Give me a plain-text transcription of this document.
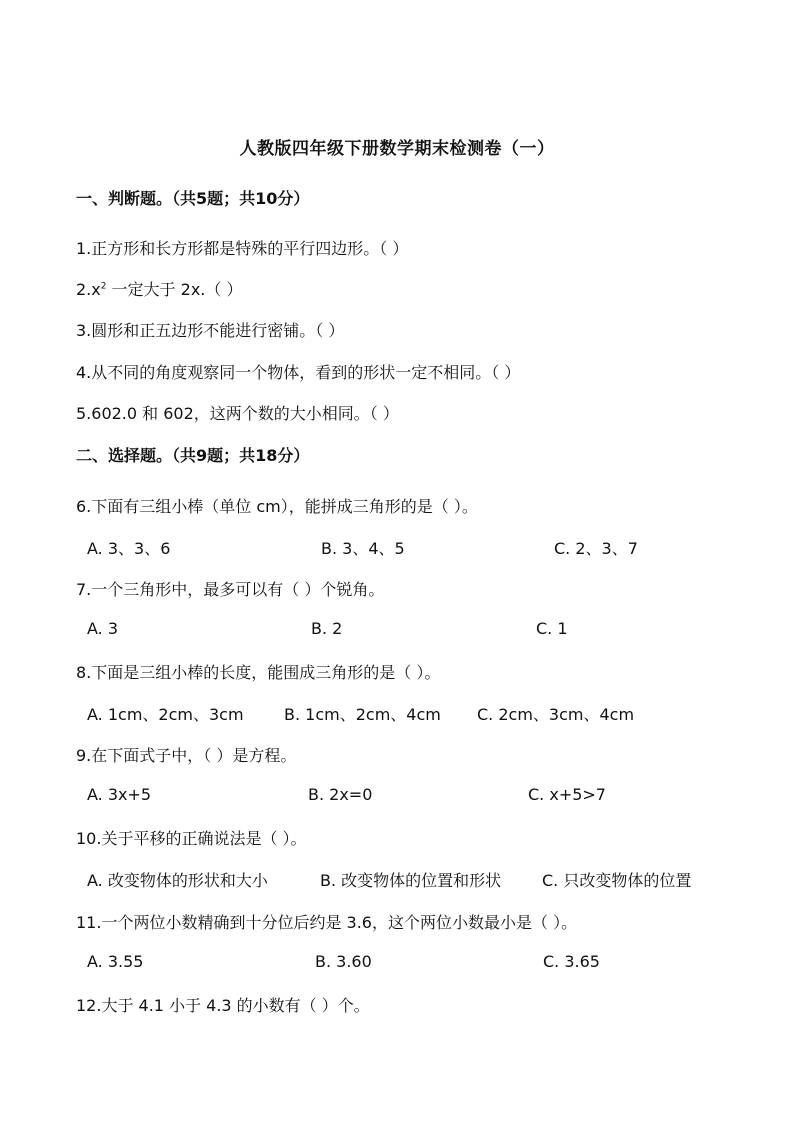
人教版四年级下册数学期末检测卷（一）
一、判断题。（共5题；共10分）
1.正方形和长方形都是特殊的平行四边形。（ ）
$2.x^2$ 一定大于 2x.（ ）
3.圆形和正五边形不能进行密铺。（ ）
4.从不同的角度观察同一个物体，看到的形状一定不相同。（ ）
5.602.0 和 602，这两个数的大小相同。（ ）
二、选择题。（共9题；共18分）
6.下面有三组小棒（单位 cm），能拼成三角形的是（ ）。
A. 3、3、6	B. 3、4、5	C. 2、3、7
7.一个三角形中，最多可以有（ ）个锐角。
A. 3	B. 2	C. 1
8.下面是三组小棒的长度，能围成三角形的是（ ）。
A. 1cm、2cm、3cm	B. 1cm、2cm、4cm C. 2cm、3cm、4cm
9.在下面式子中，（ ）是方程。
A. 3x+5	B. 2x=0	C. x+5>7
10.关于平移的正确说法是（ ）。
A. 改变物体的形状和大小	B. 改变物体的位置和形状	C. 只改变物体的位置
11.一个两位小数精确到十分位后约是 3.6，这个两位小数最小是（ ）。
A. 3.55	B. 3.60	C. 3.65
12.大于 4.1 小于 4.3 的小数有（ ）个。
